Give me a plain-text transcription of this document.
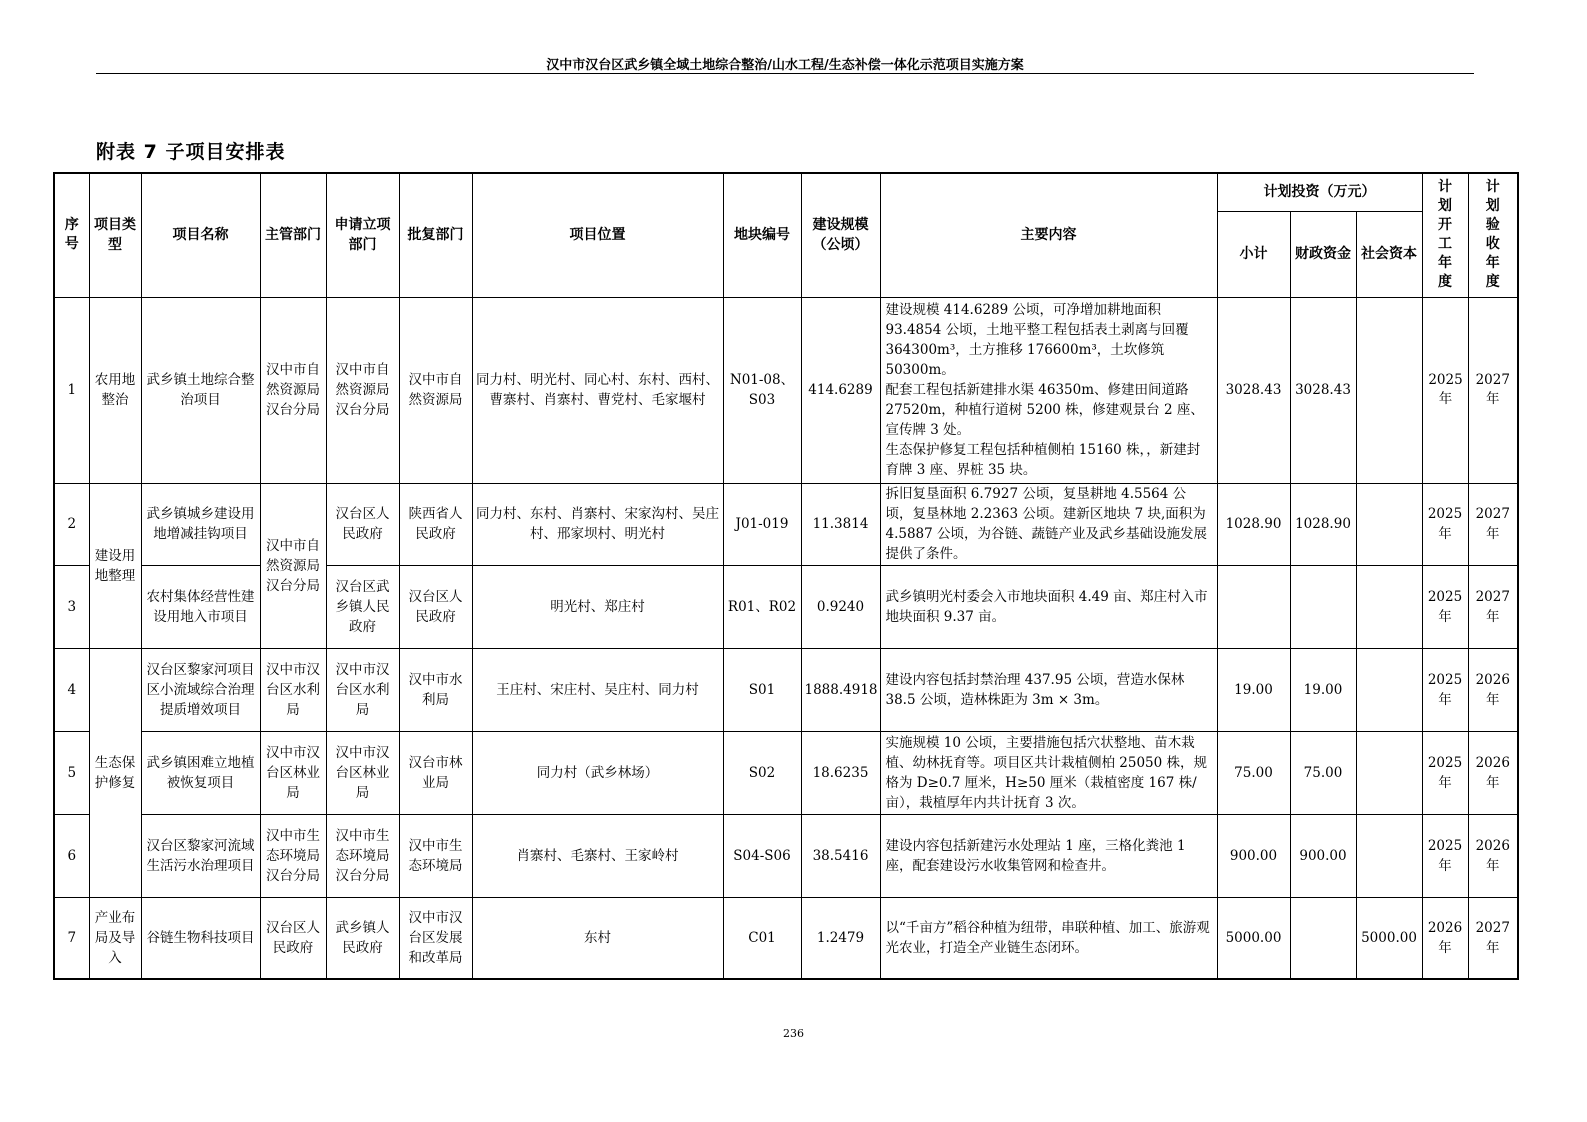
汉中市汉台区武乡镇全域土地综合整治/山水工程/生态补偿一体化示范项目实施方案
附表 7 子项目安排表
序号	项目类型	项目名称	主管部门	申请立项部门	批复部门	项目位置	地块编号	建设规模（公顷）	主要内容	计划投资（万元）			计划开工年度	计划验收年度

										小计	财政资金	社会资本		
1	农用地整治	武乡镇土地综合整治项目	汉中市自然资源局汉台分局	汉中市自然资源局汉台分局	汉中市自然资源局	同力村、明光村、同心村、东村、西村、曹寨村、肖寨村、曹党村、毛家堰村	N01-08、S03	414.6289	建设规模 414.6289 公顷，可净增加耕地面积 93.4854 公顷，土地平整工程包括表土剥离与回覆 364300m³，土方推移 176600m³，土坎修筑 50300m。
配套工程包括新建排水渠 46350m、修建田间道路 27520m，种植行道树 5200 株，修建观景台 2 座、宣传牌 3 处。
生态保护修复工程包括种植侧柏 15160 株，，新建封育牌 3 座、界桩 35 块。	3028.43	3028.43		2025年	2027年

2	建设用地整理	武乡镇城乡建设用地增减挂钩项目	汉中市自然资源局汉台分局	汉台区人民政府	陕西省人民政府	同力村、东村、肖寨村、宋家沟村、吴庄村、邢家坝村、明光村	J01-019	11.3814	拆旧复垦面积 6.7927 公顷，复垦耕地 4.5564 公顷，复垦林地 2.2363 公顷。建新区地块 7 块,面积为 4.5887 公顷，为谷链、蔬链产业及武乡基础设施发展提供了条件。	1028.90	1028.90		2025年	2027年
3		农村集体经营性建设用地入市项目		汉台区武乡镇人民政府	汉台区人民政府	明光村、郑庄村	R01、R02	0.9240	武乡镇明光村委会入市地块面积 4.49 亩、郑庄村入市地块面积 9.37 亩。				2025年	2027年
4	生态保护修复	汉台区黎家河项目区小流域综合治理提质增效项目	汉中市汉台区水利局	汉中市汉台区水利局	汉中市水利局	王庄村、宋庄村、吴庄村、同力村	S01	1888.4918	建设内容包括封禁治理 437.95 公顷，营造水保林 38.5 公顷，造林株距为 3m × 3m。	19.00	19.00		2025年	2026年
5		武乡镇困难立地植被恢复项目	汉中市汉台区林业局	汉中市汉台区林业局	汉台市林业局	同力村（武乡林场）	S02	18.6235	实施规模 10 公顷，主要措施包括穴状整地、苗木栽植、幼林抚育等。项目区共计栽植侧柏 25050 株，规格为 D≥0.7 厘米，H≥50 厘米（栽植密度 167 株/亩），栽植厚年内共计抚育 3 次。	75.00	75.00		2025年	2026年
6		汉台区黎家河流域生活污水治理项目	汉中市生态环境局汉台分局	汉中市生态环境局汉台分局	汉中市生态环境局	肖寨村、毛寨村、王家岭村	S04-S06	38.5416	建设内容包括新建污水处理站 1 座，三格化粪池 1 座，配套建设污水收集管网和检查井。	900.00	900.00		2025年	2026年
7	产业布局及导入	谷链生物科技项目	汉台区人民政府	武乡镇人民政府	汉中市汉台区发展和改革局	东村	C01	1.2479	以“千亩方”稻谷种植为纽带，串联种植、加工、旅游观光农业，打造全产业链生态闭环。	5000.00		5000.00	2026年	2027年
236
